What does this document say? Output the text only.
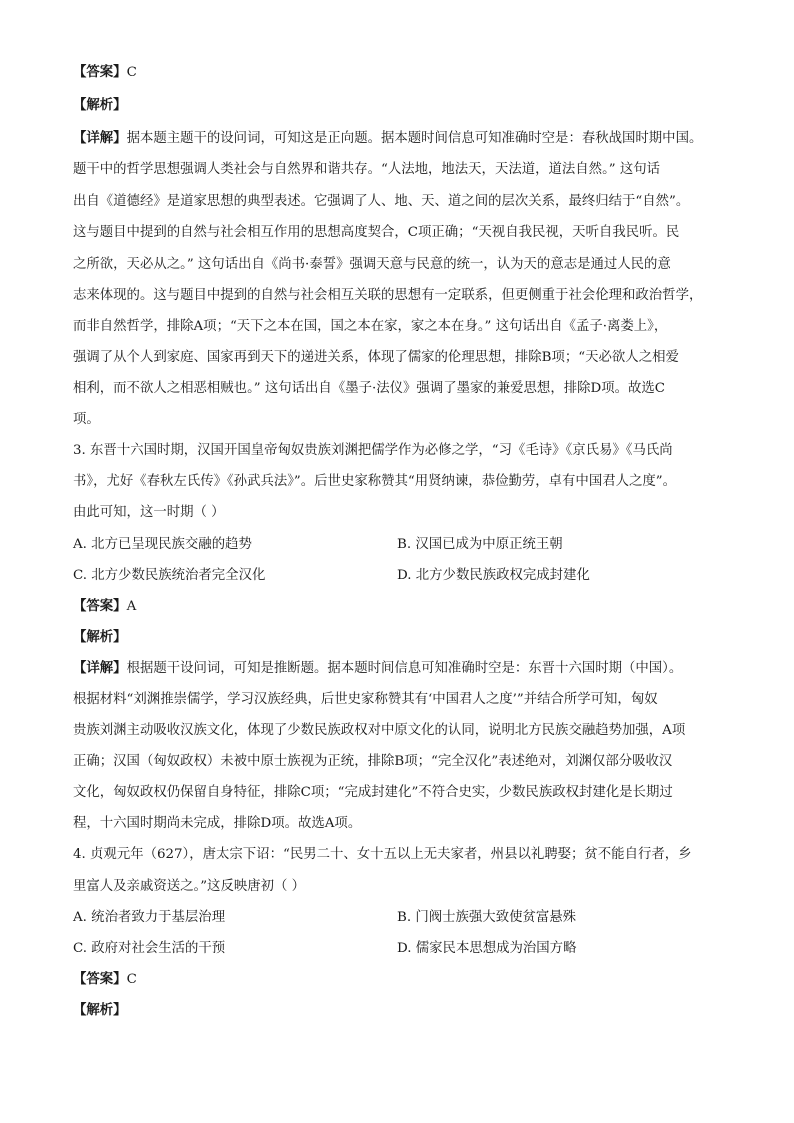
【答案】C
【解析】
【详解】据本题主题干的设问词，可知这是正向题。据本题时间信息可知准确时空是：春秋战国时期中国。
题干中的哲学思想强调人类社会与自然界和谐共存。“人法地，地法天，天法道，道法自然。” 这句话
出自《道德经》是道家思想的典型表述。它强调了人、地、天、道之间的层次关系，最终归结于“自然”。
这与题目中提到的自然与社会相互作用的思想高度契合，C项正确；“天视自我民视，天听自我民听。民
之所欲，天必从之。” 这句话出自《尚书·泰誓》强调天意与民意的统一，认为天的意志是通过人民的意
志来体现的。这与题目中提到的自然与社会相互关联的思想有一定联系，但更侧重于社会伦理和政治哲学，
而非自然哲学，排除A项；“天下之本在国，国之本在家，家之本在身。” 这句话出自《孟子·离娄上》，
强调了从个人到家庭、国家再到天下的递进关系，体现了儒家的伦理思想，排除B项；“天必欲人之相爱
相利，而不欲人之相恶相贼也。” 这句话出自《墨子·法仪》强调了墨家的兼爱思想，排除D项。故选C
项。
3. 东晋十六国时期，汉国开国皇帝匈奴贵族刘渊把儒学作为必修之学，“习《毛诗》《京氏易》《马氏尚
书》，尤好《春秋左氏传》《孙武兵法》”。后世史家称赞其“用贤纳谏，恭俭勤劳，卓有中国君人之度”。
由此可知，这一时期（ ）
A. 北方已呈现民族交融的趋势	B. 汉国已成为中原正统王朝
C. 北方少数民族统治者完全汉化	D. 北方少数民族政权完成封建化
【答案】A
【解析】
【详解】根据题干设问词，可知是推断题。据本题时间信息可知准确时空是：东晋十六国时期（中国）。
根据材料“刘渊推崇儒学，学习汉族经典，后世史家称赞其有‘中国君人之度’”并结合所学可知，匈奴
贵族刘渊主动吸收汉族文化，体现了少数民族政权对中原文化的认同，说明北方民族交融趋势加强，A项
正确；汉国（匈奴政权）未被中原士族视为正统，排除B项；“完全汉化”表述绝对，刘渊仅部分吸收汉
文化，匈奴政权仍保留自身特征，排除C项；“完成封建化”不符合史实，少数民族政权封建化是长期过
程，十六国时期尚未完成，排除D项。故选A项。
4. 贞观元年（627），唐太宗下诏：“民男二十、女十五以上无夫家者，州县以礼聘娶；贫不能自行者，乡
里富人及亲戚资送之。”这反映唐初（ ）
A. 统治者致力于基层治理	B. 门阀士族强大致使贫富悬殊
C. 政府对社会生活的干预	D. 儒家民本思想成为治国方略
【答案】C
【解析】
